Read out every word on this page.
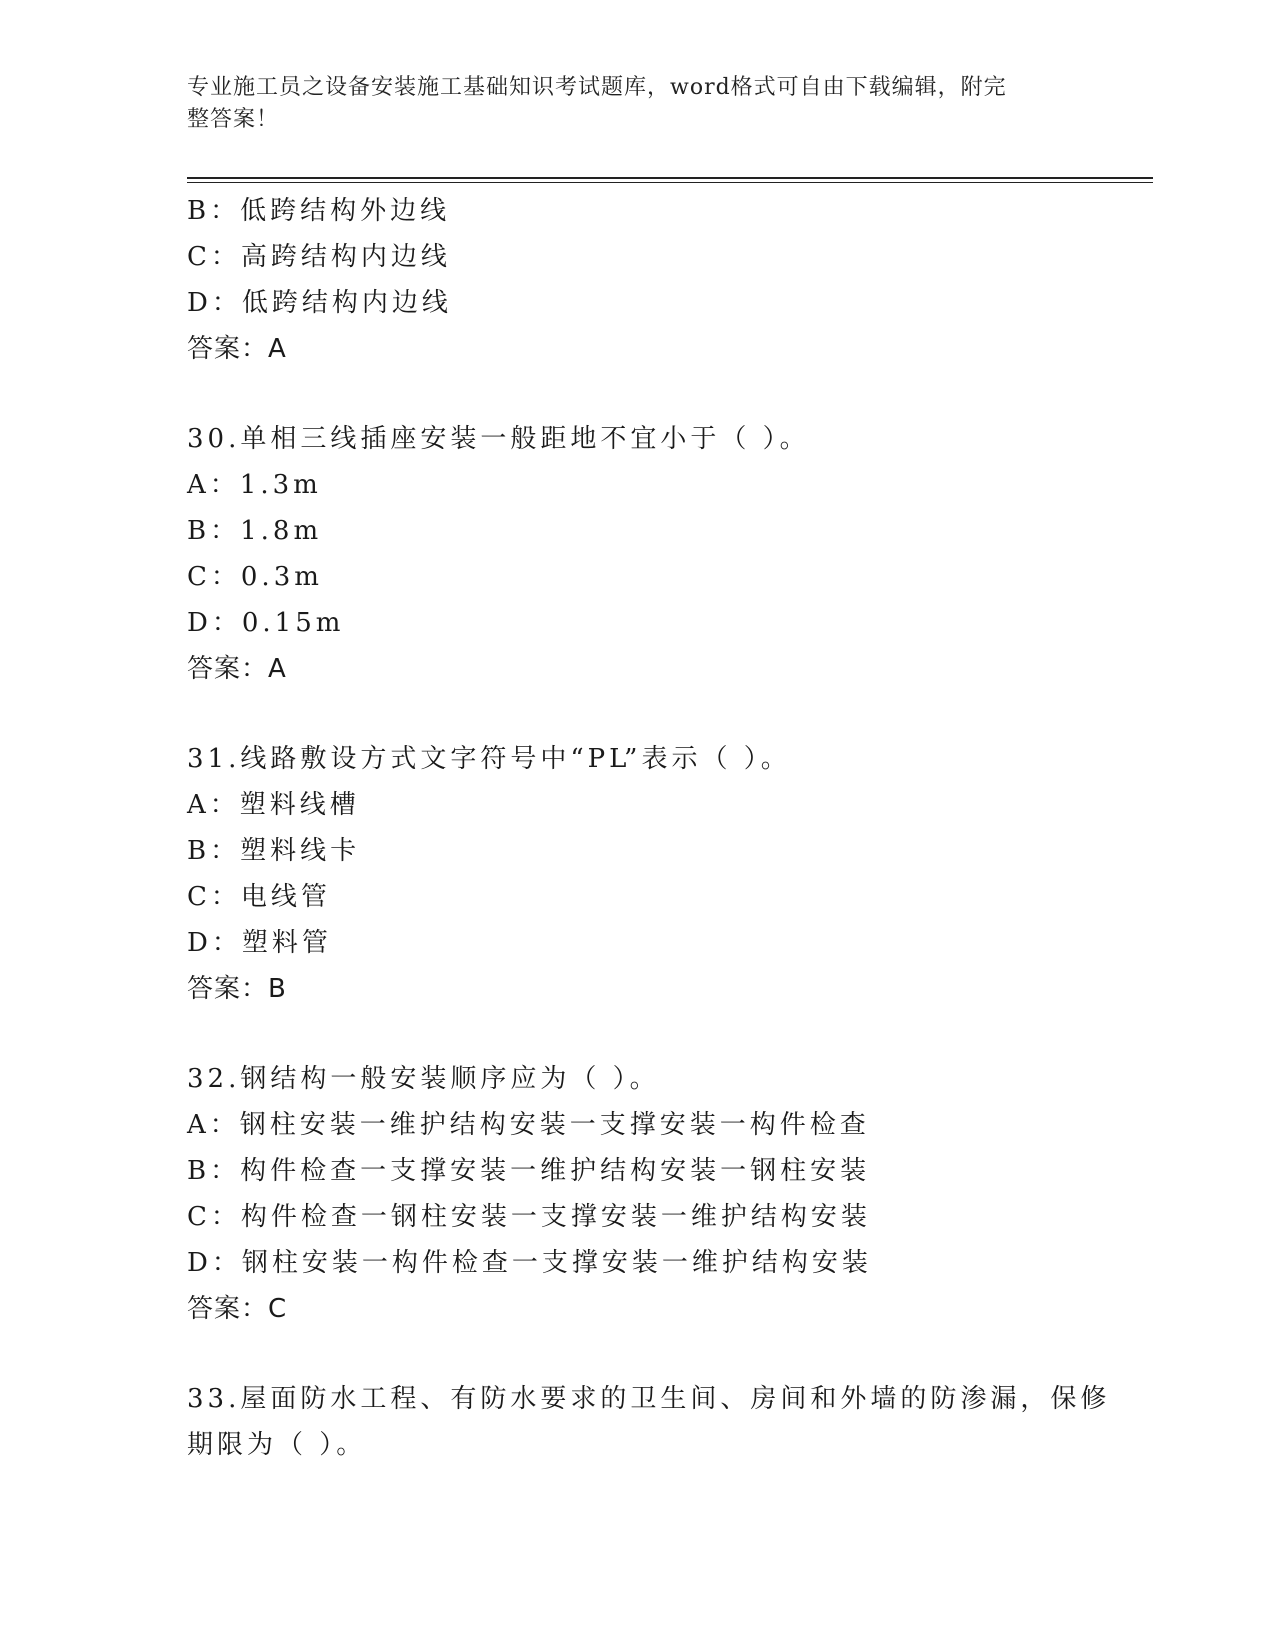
专业施工员之设备安装施工基础知识考试题库，word格式可自由下载编辑，附完
整答案！
B：低跨结构外边线
C：高跨结构内边线
D：低跨结构内边线
答案：A
30.单相三线插座安装一般距地不宜小于（ ）。
A：1.3m
B：1.8m
C：0.3m
D：0.15m
答案：A
31.线路敷设方式文字符号中“PL”表示（ ）。
A：塑料线槽
B：塑料线卡
C：电线管
D：塑料管
答案：B
32.钢结构一般安装顺序应为（ ）。
A：钢柱安装一维护结构安装一支撑安装一构件检查
B：构件检查一支撑安装一维护结构安装一钢柱安装
C：构件检查一钢柱安装一支撑安装一维护结构安装
D：钢柱安装一构件检查一支撑安装一维护结构安装
答案：C
33.屋面防水工程、有防水要求的卫生间、房间和外墙的防渗漏，保修
期限为（ ）。
